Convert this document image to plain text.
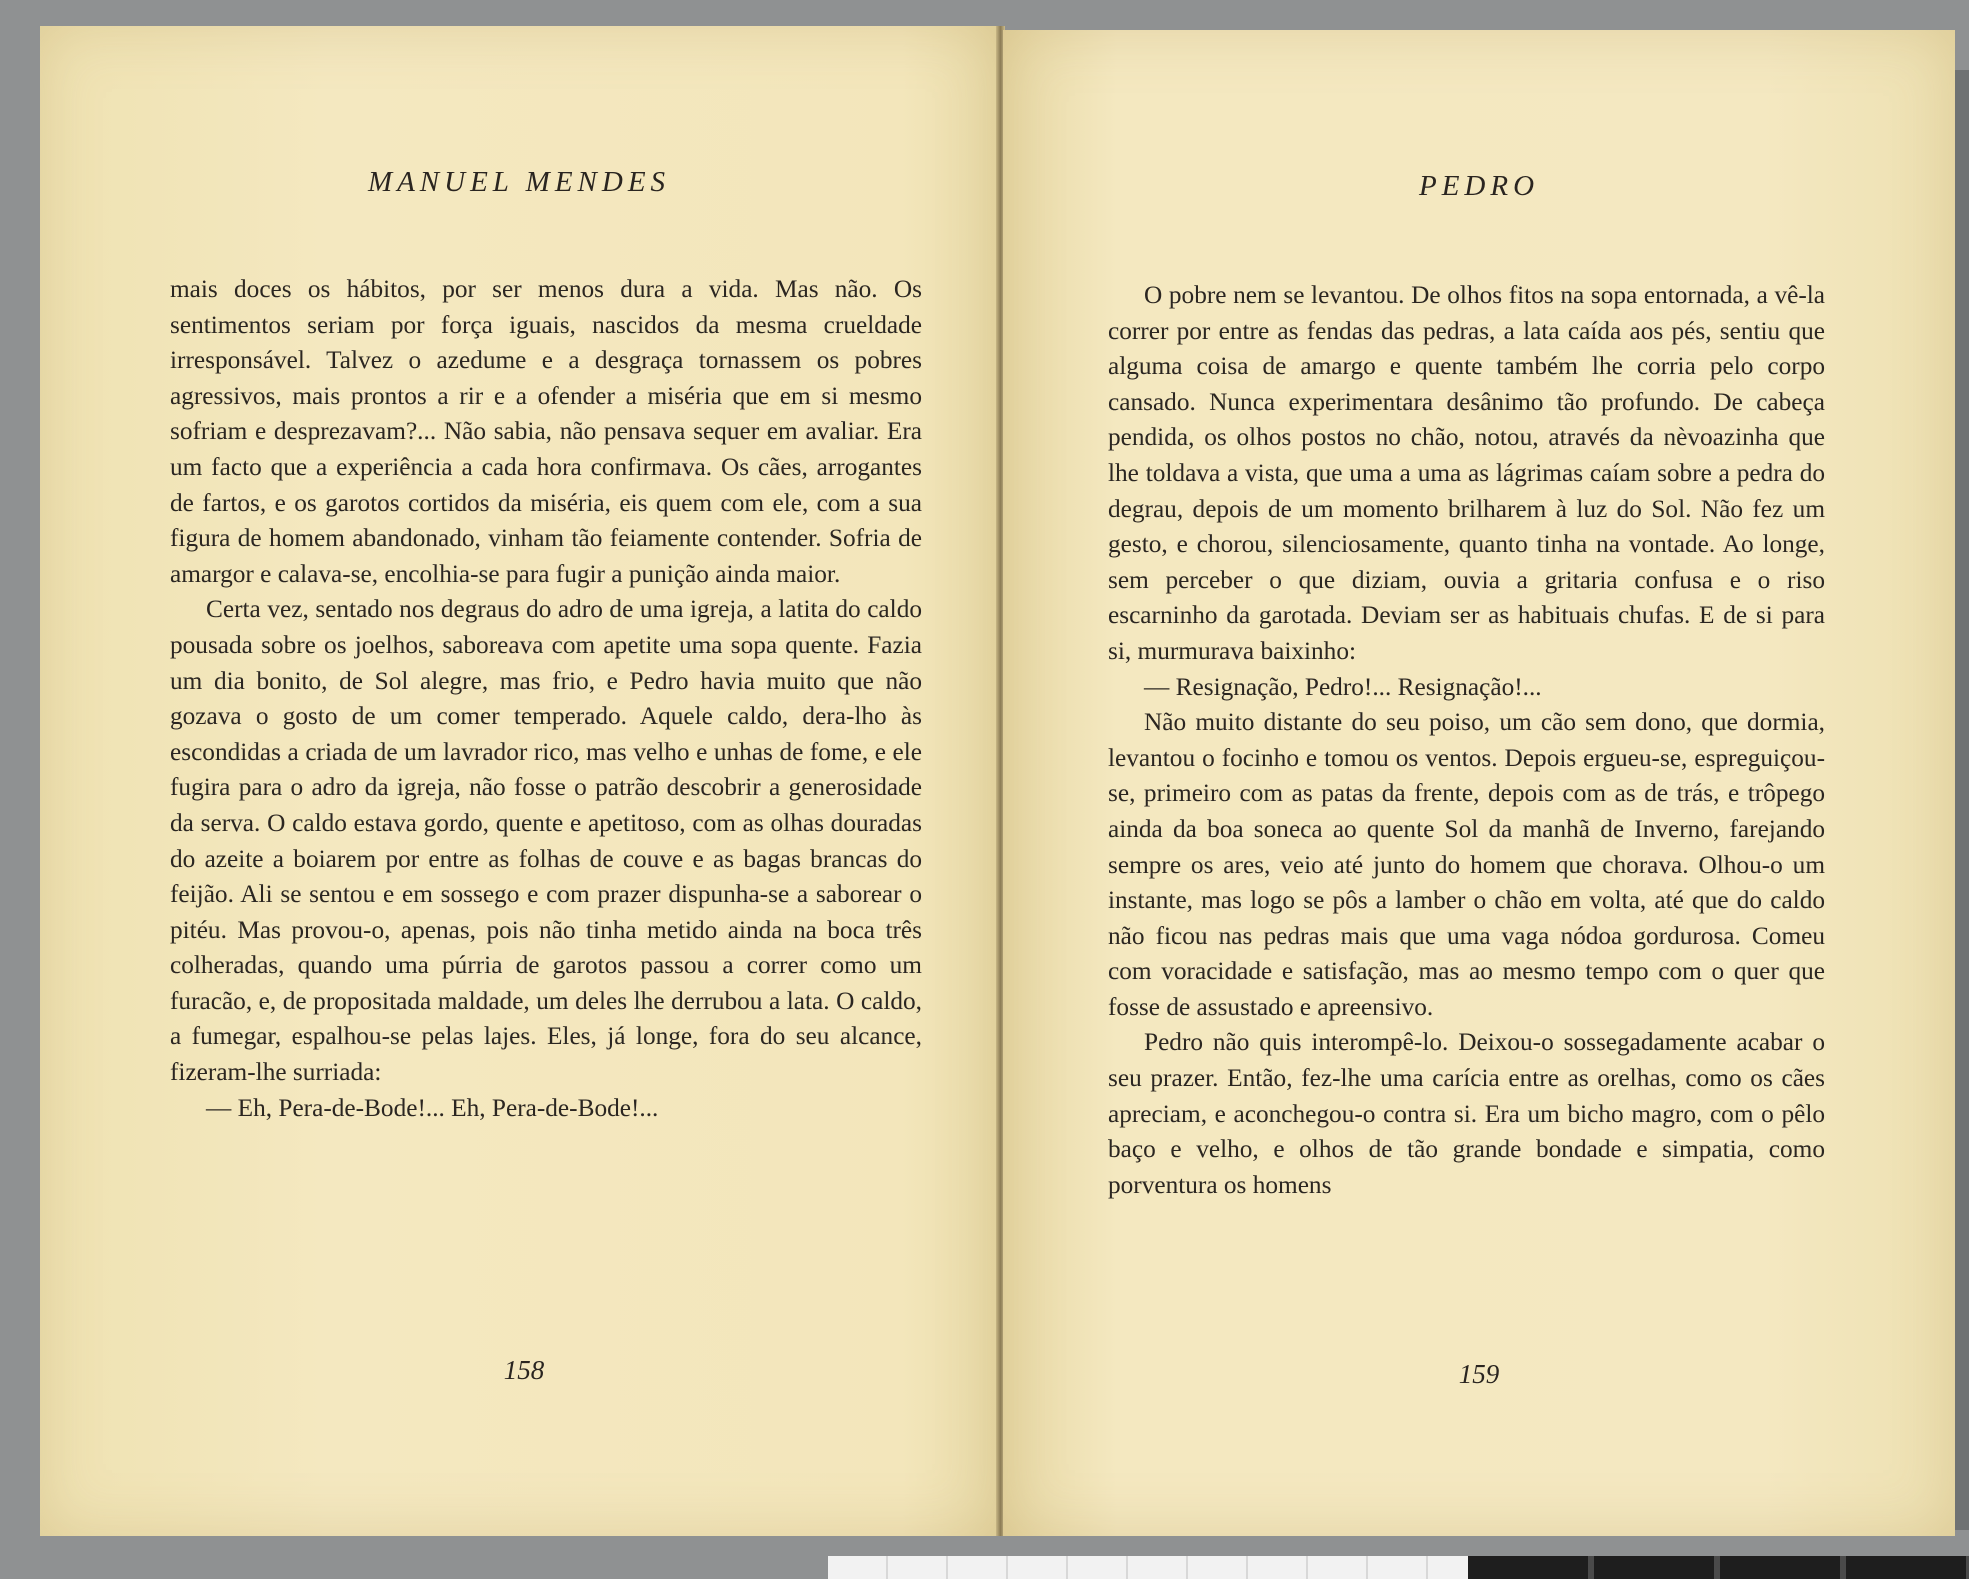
MANUEL MENDES

mais doces os hábitos, por ser menos dura a vida. Mas não. Os sentimentos seriam por força iguais, nascidos da mesma crueldade irresponsável. Talvez o azedume e a desgraça tornassem os pobres agressivos, mais prontos a rir e a ofender a miséria que em si mesmo sofriam e desprezavam?... Não sabia, não pensava sequer em avaliar. Era um facto que a experiência a cada hora confirmava. Os cães, arrogantes de fartos, e os garotos cortidos da miséria, eis quem com ele, com a sua figura de homem abandonado, vinham tão feiamente contender. Sofria de amargor e calava-se, encolhia-se para fugir a punição ainda maior.

Certa vez, sentado nos degraus do adro de uma igreja, a latita do caldo pousada sobre os joelhos, saboreava com apetite uma sopa quente. Fazia um dia bonito, de Sol alegre, mas frio, e Pedro havia muito que não gozava o gosto de um comer temperado. Aquele caldo, dera-lho às escondidas a criada de um lavrador rico, mas velho e unhas de fome, e ele fugira para o adro da igreja, não fosse o patrão descobrir a generosidade da serva. O caldo estava gordo, quente e apetitoso, com as olhas douradas do azeite a boiarem por entre as folhas de couve e as bagas brancas do feijão. Ali se sentou e em sossego e com prazer dispunha-se a saborear o pitéu. Mas provou-o, apenas, pois não tinha metido ainda na boca três colheradas, quando uma púrria de garotos passou a correr como um furacão, e, de propositada maldade, um deles lhe derrubou a lata. O caldo, a fumegar, espalhou-se pelas lajes. Eles, já longe, fora do seu alcance, fizeram-lhe surriada:

— Eh, Pera-de-Bode!... Eh, Pera-de-Bode!...

158
PEDRO

O pobre nem se levantou. De olhos fitos na sopa entornada, a vê-la correr por entre as fendas das pedras, a lata caída aos pés, sentiu que alguma coisa de amargo e quente também lhe corria pelo corpo cansado. Nunca experimentara desânimo tão profundo. De cabeça pendida, os olhos postos no chão, notou, através da nèvoazinha que lhe toldava a vista, que uma a uma as lágrimas caíam sobre a pedra do degrau, depois de um momento brilharem à luz do Sol. Não fez um gesto, e chorou, silenciosamente, quanto tinha na vontade. Ao longe, sem perceber o que diziam, ouvia a gritaria confusa e o riso escarninho da garotada. Deviam ser as habituais chufas. E de si para si, murmurava baixinho:

— Resignação, Pedro!... Resignação!...

Não muito distante do seu poiso, um cão sem dono, que dormia, levantou o focinho e tomou os ventos. Depois ergueu-se, espreguiçou-se, primeiro com as patas da frente, depois com as de trás, e trôpego ainda da boa soneca ao quente Sol da manhã de Inverno, farejando sempre os ares, veio até junto do homem que chorava. Olhou-o um instante, mas logo se pôs a lamber o chão em volta, até que do caldo não ficou nas pedras mais que uma vaga nódoa gordurosa. Comeu com voracidade e satisfação, mas ao mesmo tempo com o quer que fosse de assustado e apreensivo.

Pedro não quis interompê-lo. Deixou-o sossegadamente acabar o seu prazer. Então, fez-lhe uma carícia entre as orelhas, como os cães apreciam, e aconchegou-o contra si. Era um bicho magro, com o pêlo baço e velho, e olhos de tão grande bondade e simpatia, como porventura os homens

159
